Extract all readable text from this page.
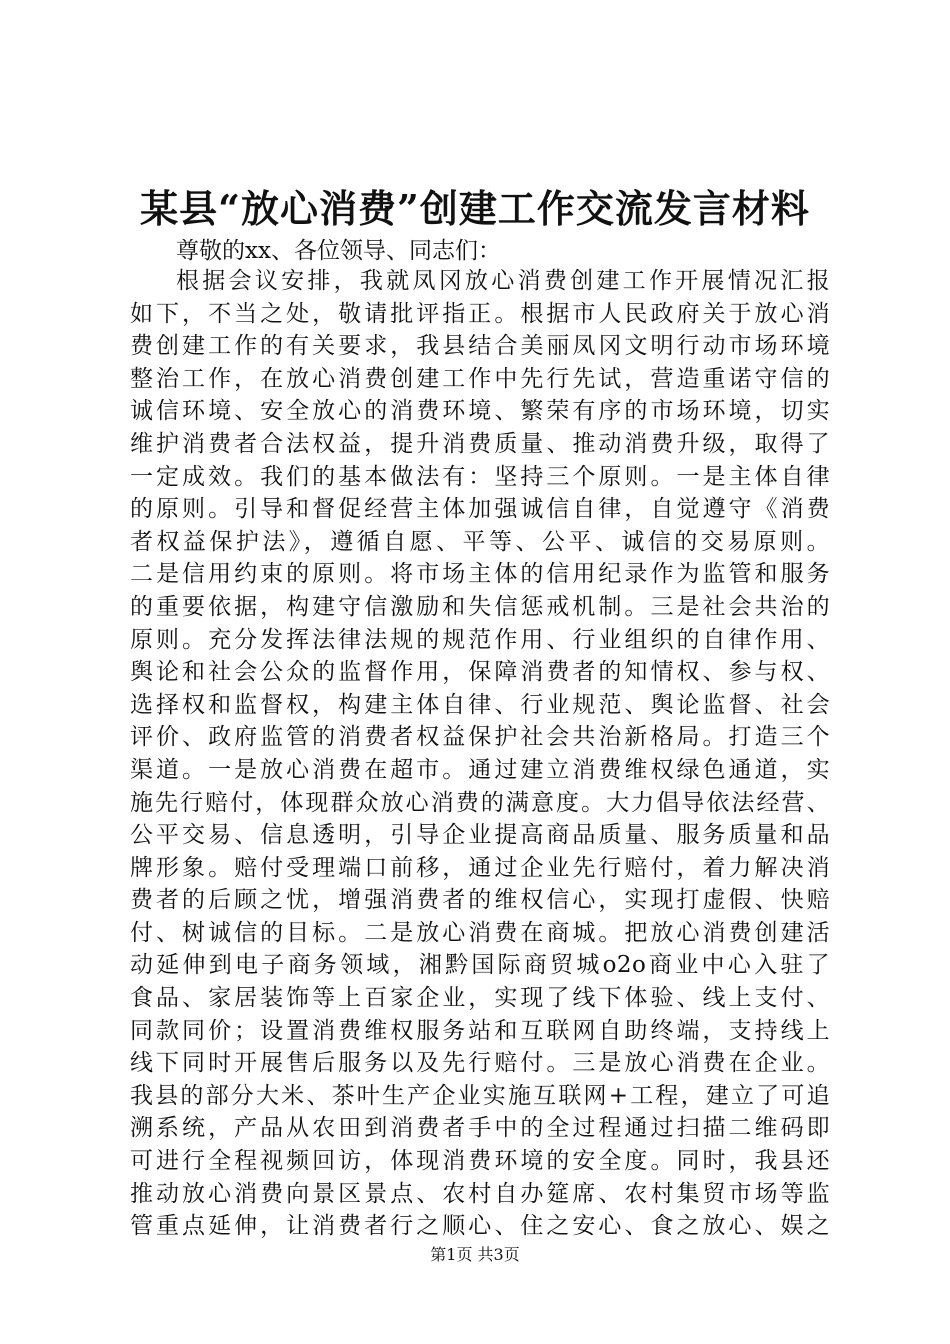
某县“放心消费”创建工作交流发言材料
尊敬的xx、各位领导、同志们：
根据会议安排，我就凤冈放心消费创建工作开展情况汇报
如下，不当之处，敬请批评指正。根据市人民政府关于放心消
费创建工作的有关要求，我县结合美丽凤冈文明行动市场环境
整治工作，在放心消费创建工作中先行先试，营造重诺守信的
诚信环境、安全放心的消费环境、繁荣有序的市场环境，切实
维护消费者合法权益，提升消费质量、推动消费升级，取得了
一定成效。我们的基本做法有：坚持三个原则。一是主体自律
的原则。引导和督促经营主体加强诚信自律，自觉遵守《消费
者权益保护法》，遵循自愿、平等、公平、诚信的交易原则。
二是信用约束的原则。将市场主体的信用纪录作为监管和服务
的重要依据，构建守信激励和失信惩戒机制。三是社会共治的
原则。充分发挥法律法规的规范作用、行业组织的自律作用、
舆论和社会公众的监督作用，保障消费者的知情权、参与权、
选择权和监督权，构建主体自律、行业规范、舆论监督、社会
评价、政府监管的消费者权益保护社会共治新格局。打造三个
渠道。一是放心消费在超市。通过建立消费维权绿色通道，实
施先行赔付，体现群众放心消费的满意度。大力倡导依法经营、
公平交易、信息透明，引导企业提高商品质量、服务质量和品
牌形象。赔付受理端口前移，通过企业先行赔付，着力解决消
费者的后顾之忧，增强消费者的维权信心，实现打虚假、快赔
付、树诚信的目标。二是放心消费在商城。把放心消费创建活
动延伸到电子商务领域，湘黔国际商贸城o2o商业中心入驻了
食品、家居装饰等上百家企业，实现了线下体验、线上支付、
同款同价；设置消费维权服务站和互联网自助终端，支持线上
线下同时开展售后服务以及先行赔付。三是放心消费在企业。
我县的部分大米、茶叶生产企业实施互联网+工程，建立了可追
溯系统，产品从农田到消费者手中的全过程通过扫描二维码即
可进行全程视频回访，体现消费环境的安全度。同时，我县还
推动放心消费向景区景点、农村自办筵席、农村集贸市场等监
管重点延伸，让消费者行之顺心、住之安心、食之放心、娱之
第1页 共3页
